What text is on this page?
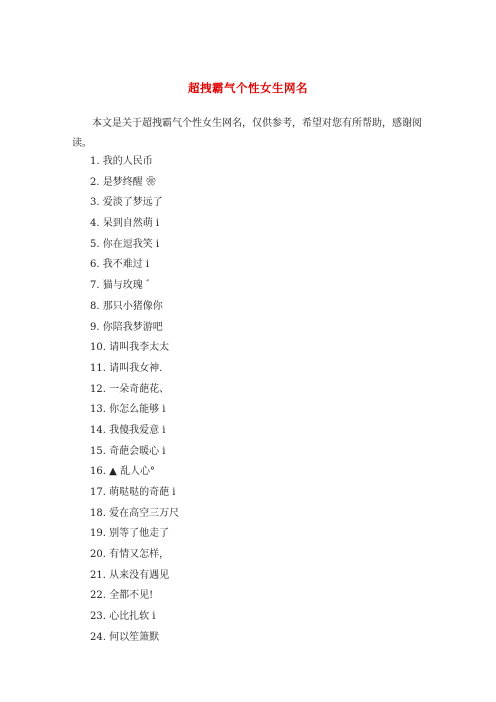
超拽霸气个性女生网名

本文是关于超拽霸气个性女生网名，仅供参考，希望对您有所帮助，感谢阅读。

1. 我的人民币
2. 是梦终醒 ❀
3. 爱淡了梦远了
4. 呆到自然萌 i
5. 你在逗我笑 i
6. 我不难过 i
7. 猫与玫瑰 ゛
8. 那只小猪像你
9. 你陪我梦游吧
10. 请叫我李太太
11. 请叫我女神.
12. 一朵奇葩花、
13. 你怎么能够 i
14. 我傻我爱意 i
15. 奇葩会暖心 i
16. ▲ 乱人心°
17. 萌哒哒的奇葩 i
18. 爱在高空三万尺
19. 别等了他走了
20. 有情又怎样，
21. 从来没有遇见
22. 全都不见!
23. 心比扎软 i
24. 何以笙箫默
